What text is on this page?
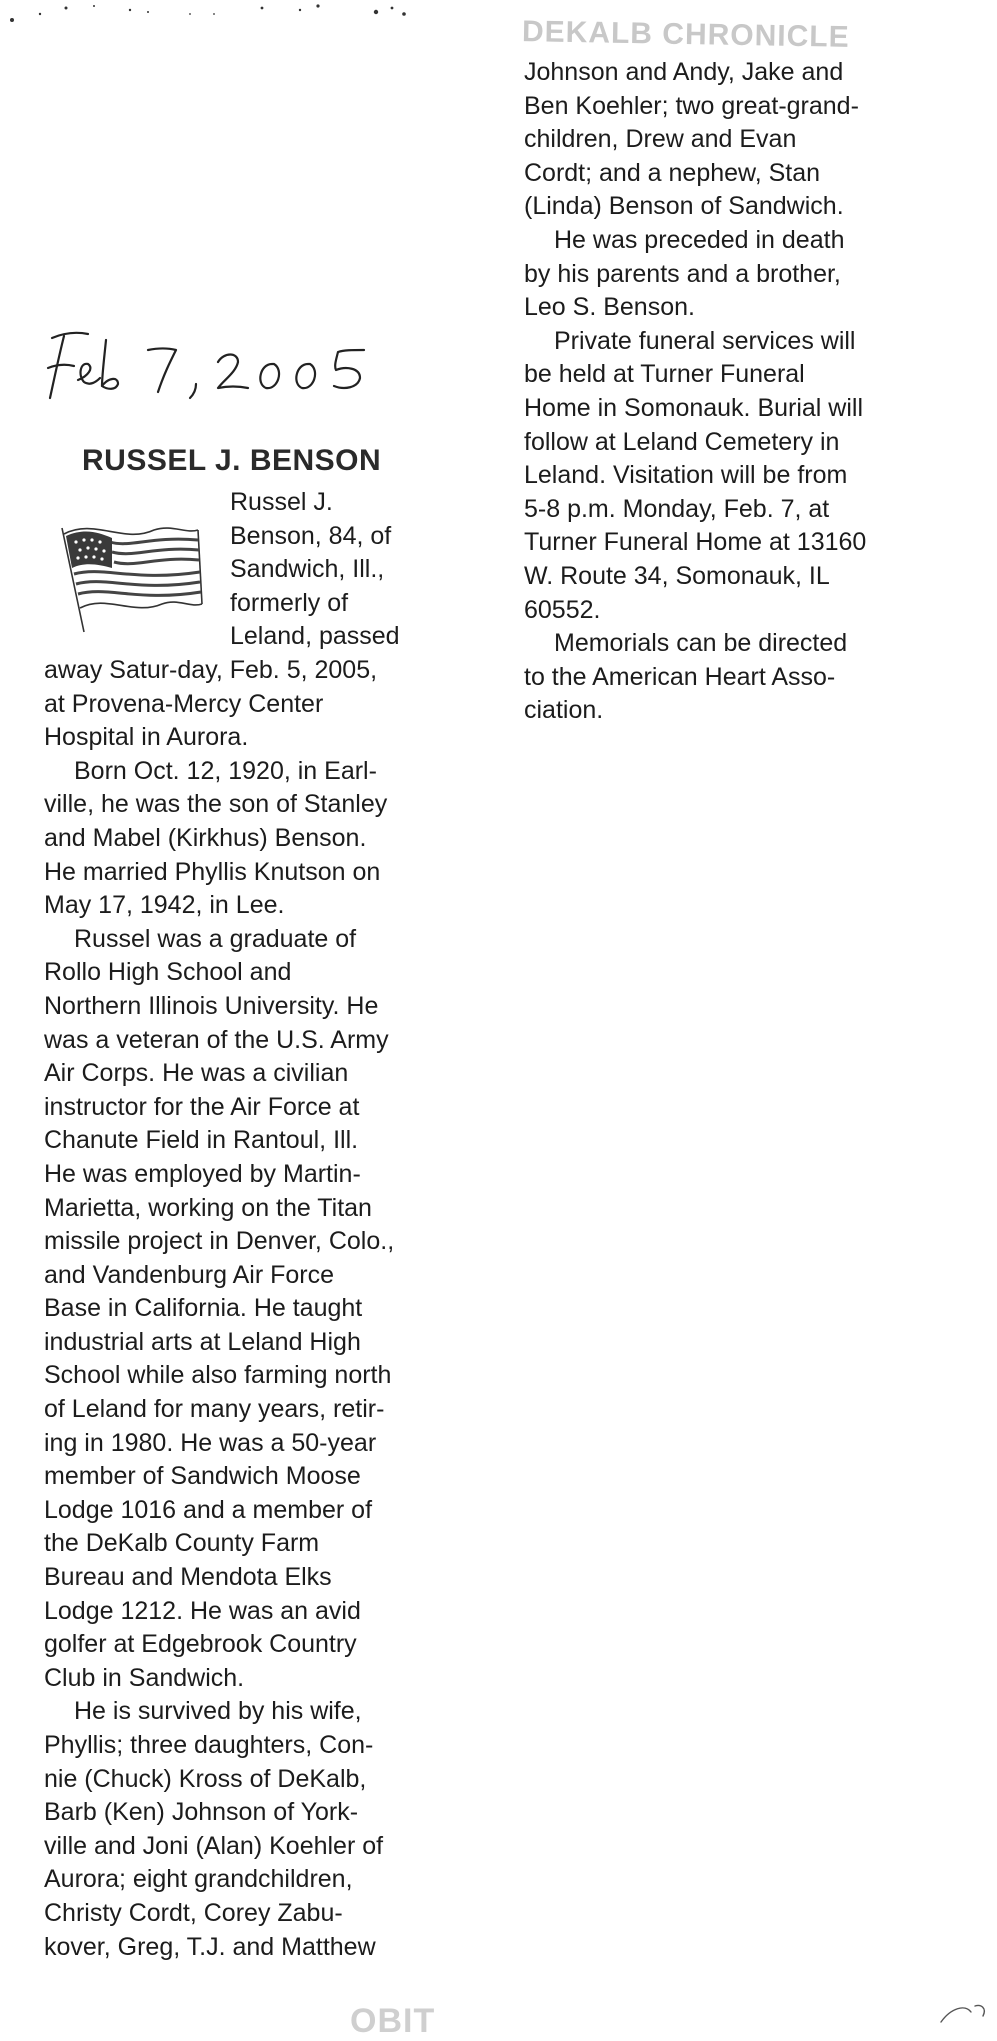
DEKALB CHRONICLE
RUSSEL J. BENSON

Russel J.

Benson, 84, of

Sandwich, Ill.,

formerly of

Leland, passed

away Satur-day, Feb. 5, 2005,

at Provena-Mercy Center

Hospital in Aurora.

Born Oct. 12, 1920, in Earl-

ville, he was the son of Stanley

and Mabel (Kirkhus) Benson.

He married Phyllis Knutson on

May 17, 1942, in Lee.

Russel was a graduate of

Rollo High School and

Northern Illinois University. He

was a veteran of the U.S. Army

Air Corps. He was a civilian

instructor for the Air Force at

Chanute Field in Rantoul, Ill.

He was employed by Martin-

Marietta, working on the Titan

missile project in Denver, Colo.,

and Vandenburg Air Force

Base in California. He taught

industrial arts at Leland High

School while also farming north

of Leland for many years, retir-

ing in 1980. He was a 50-year

member of Sandwich Moose

Lodge 1016 and a member of

the DeKalb County Farm

Bureau and Mendota Elks

Lodge 1212. He was an avid

golfer at Edgebrook Country

Club in Sandwich.

He is survived by his wife,

Phyllis; three daughters, Con-

nie (Chuck) Kross of DeKalb,

Barb (Ken) Johnson of York-

ville and Joni (Alan) Koehler of

Aurora; eight grandchildren,

Christy Cordt, Corey Zabu-

kover, Greg, T.J. and Matthew

Johnson and Andy, Jake and

Ben Koehler; two great-grand-

children, Drew and Evan

Cordt; and a nephew, Stan

(Linda) Benson of Sandwich.

He was preceded in death

by his parents and a brother,

Leo S. Benson.

Private funeral services will

be held at Turner Funeral

Home in Somonauk. Burial will

follow at Leland Cemetery in

Leland. Visitation will be from

5-8 p.m. Monday, Feb. 7, at

Turner Funeral Home at 13160

W. Route 34, Somonauk, IL

60552.

Memorials can be directed

to the American Heart Asso-

ciation.

OBIT
